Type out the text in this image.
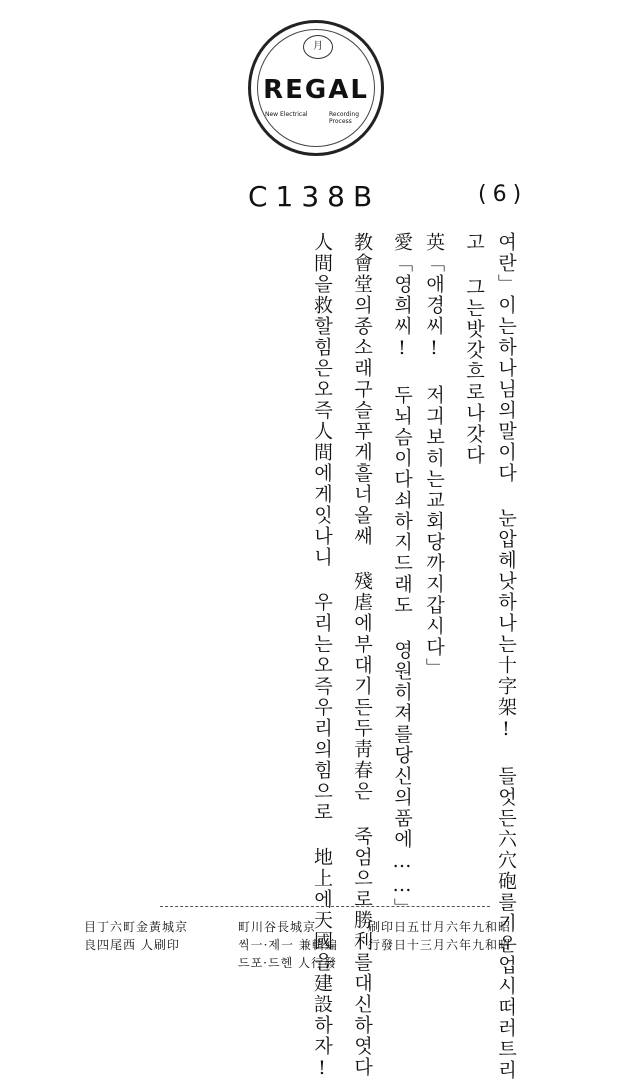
月
REGAL
New Electrical	Recording Process
C138B	(6)
여란」이는하나님의말이다 눈압헤낫하나는十字架! 들엇든六穴砲를기운업시떠러트리
고 그는밧갓흐로나갓다
英「애경씨! 저긔보히는교회당까지갑시다」
愛「영희씨! 두뇌슴이다쇠하지드래도 영원히져를당신의품에……」
教會堂의종소래구슬푸게흘너올쌔 殘虐에부대기든두靑春은 죽엄으로勝利를대신하엿다
人間을救할힘은오즉人間에게잇나니 우리는오즉우리의힘으로 地上에天國을建設하자!	昭和九年六月廿五日印刷
昭和九年六月三十日發行
編輯兼 一제·一씩
發行人 헨드·포드
京城長谷川町
印刷人 西尾四良
京城黃金町六丁目
